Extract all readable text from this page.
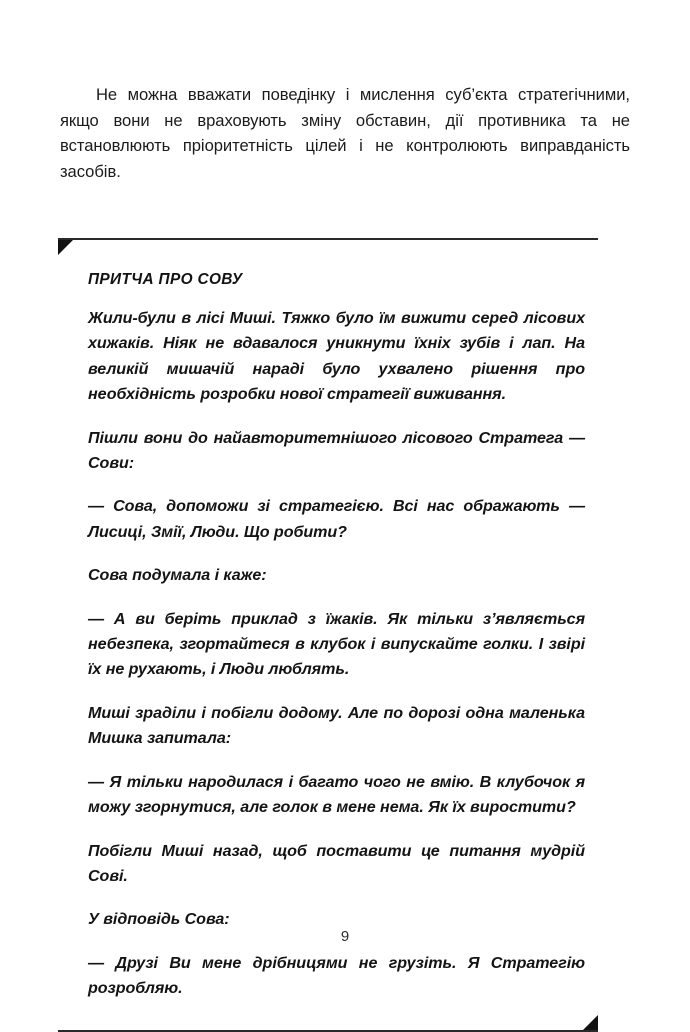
Не можна вважати поведінку і мислення суб’єкта стратегічними, якщо вони не враховують зміну обставин, дії противника та не встановлюють пріоритетність цілей і не контролюють виправданість засобів.

ПРИТЧА ПРО СОВУ

Жили-були в лісі Миші. Тяжко було їм вижити серед лісових хижаків. Ніяк не вдавалося уникнути їхніх зубів і лап. На великій мишачій нараді було ухвалено рішення про необхідність розробки нової стратегії виживання.

Пішли вони до найавторитетнішого лісового Стратега — Сови:

— Сова, допоможи зі стратегією. Всі нас ображають — Лисиці, Змії, Люди. Що робити?

Сова подумала і каже:

— А ви беріть приклад з їжаків. Як тільки з’являється небезпека, згортайтеся в клубок і випускайте голки. І звірі їх не рухають, і Люди люблять.

Миші зраділи і побігли додому. Але по дорозі одна маленька Мишка запитала:

— Я тільки народилася і багато чого не вмію. В клубочок я можу згорнутися, але голок в мене нема. Як їх виростити?

Побігли Миші назад, щоб поставити це питання мудрій Сові.

У відповідь Сова:

— Друзі Ви мене дрібницями не грузіть. Я Стратегію розробляю.

9
